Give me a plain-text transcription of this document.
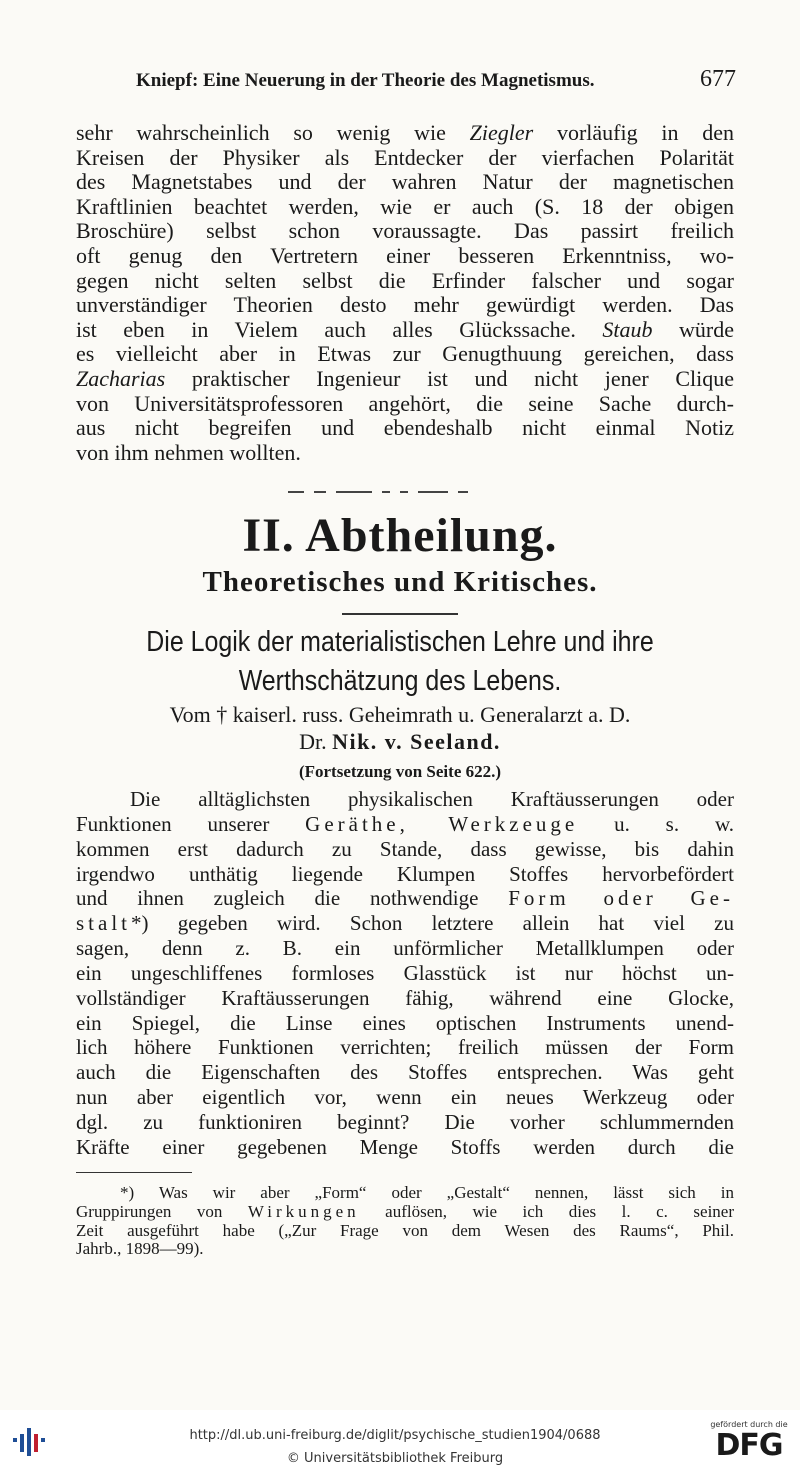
Kniepf: Eine Neuerung in der Theorie des Magnetismus.	677
sehr wahrscheinlich so wenig wie Ziegler vorläufig in den
Kreisen der Physiker als Entdecker der vierfachen Polarität
des Magnetstabes und der wahren Natur der magnetischen
Kraftlinien beachtet werden, wie er auch (S. 18 der obigen
Broschüre) selbst schon voraussagte. Das passirt freilich
oft genug den Vertretern einer besseren Erkenntniss, wo-
gegen nicht selten selbst die Erfinder falscher und sogar
unverständiger Theorien desto mehr gewürdigt werden. Das
ist eben in Vielem auch alles Glückssache. Staub würde
es vielleicht aber in Etwas zur Genugthuung gereichen, dass
Zacharias praktischer Ingenieur ist und nicht jener Clique
von Universitätsprofessoren angehört, die seine Sache durch-
aus nicht begreifen und ebendeshalb nicht einmal Notiz
von ihm nehmen wollten.
II. Abtheilung.
Theoretisches und Kritisches.
Die Logik der materialistischen Lehre und ihre
Werthschätzung des Lebens.
Vom † kaiserl. russ. Geheimrath u. Generalarzt a. D.
Dr. Nik. v. Seeland.
(Fortsetzung von Seite 622.)
Die alltäglichsten physikalischen Kraftäusserungen oder
Funktionen unserer Geräthe, Werkzeuge u. s. w.
kommen erst dadurch zu Stande, dass gewisse, bis dahin
irgendwo unthätig liegende Klumpen Stoffes hervorbefördert
und ihnen zugleich die nothwendige Form oder Ge-
stalt*) gegeben wird. Schon letztere allein hat viel zu
sagen, denn z. B. ein unförmlicher Metallklumpen oder
ein ungeschliffenes formloses Glasstück ist nur höchst un-
vollständiger Kraftäusserungen fähig, während eine Glocke,
ein Spiegel, die Linse eines optischen Instruments unend-
lich höhere Funktionen verrichten; freilich müssen der Form
auch die Eigenschaften des Stoffes entsprechen. Was geht
nun aber eigentlich vor, wenn ein neues Werkzeug oder
dgl. zu funktioniren beginnt? Die vorher schlummernden
Kräfte einer gegebenen Menge Stoffs werden durch die
*) Was wir aber „Form“ oder „Gestalt“ nennen, lässt sich in
Gruppirungen von Wirkungen auflösen, wie ich dies l. c. seiner
Zeit ausgeführt habe („Zur Frage von dem Wesen des Raums“, Phil.
Jahrb., 1898—99).
http://dl.ub.uni-freiburg.de/diglit/psychische_studien1904/0688
© Universitätsbibliothek Freiburg
gefördert durch die
DFG
